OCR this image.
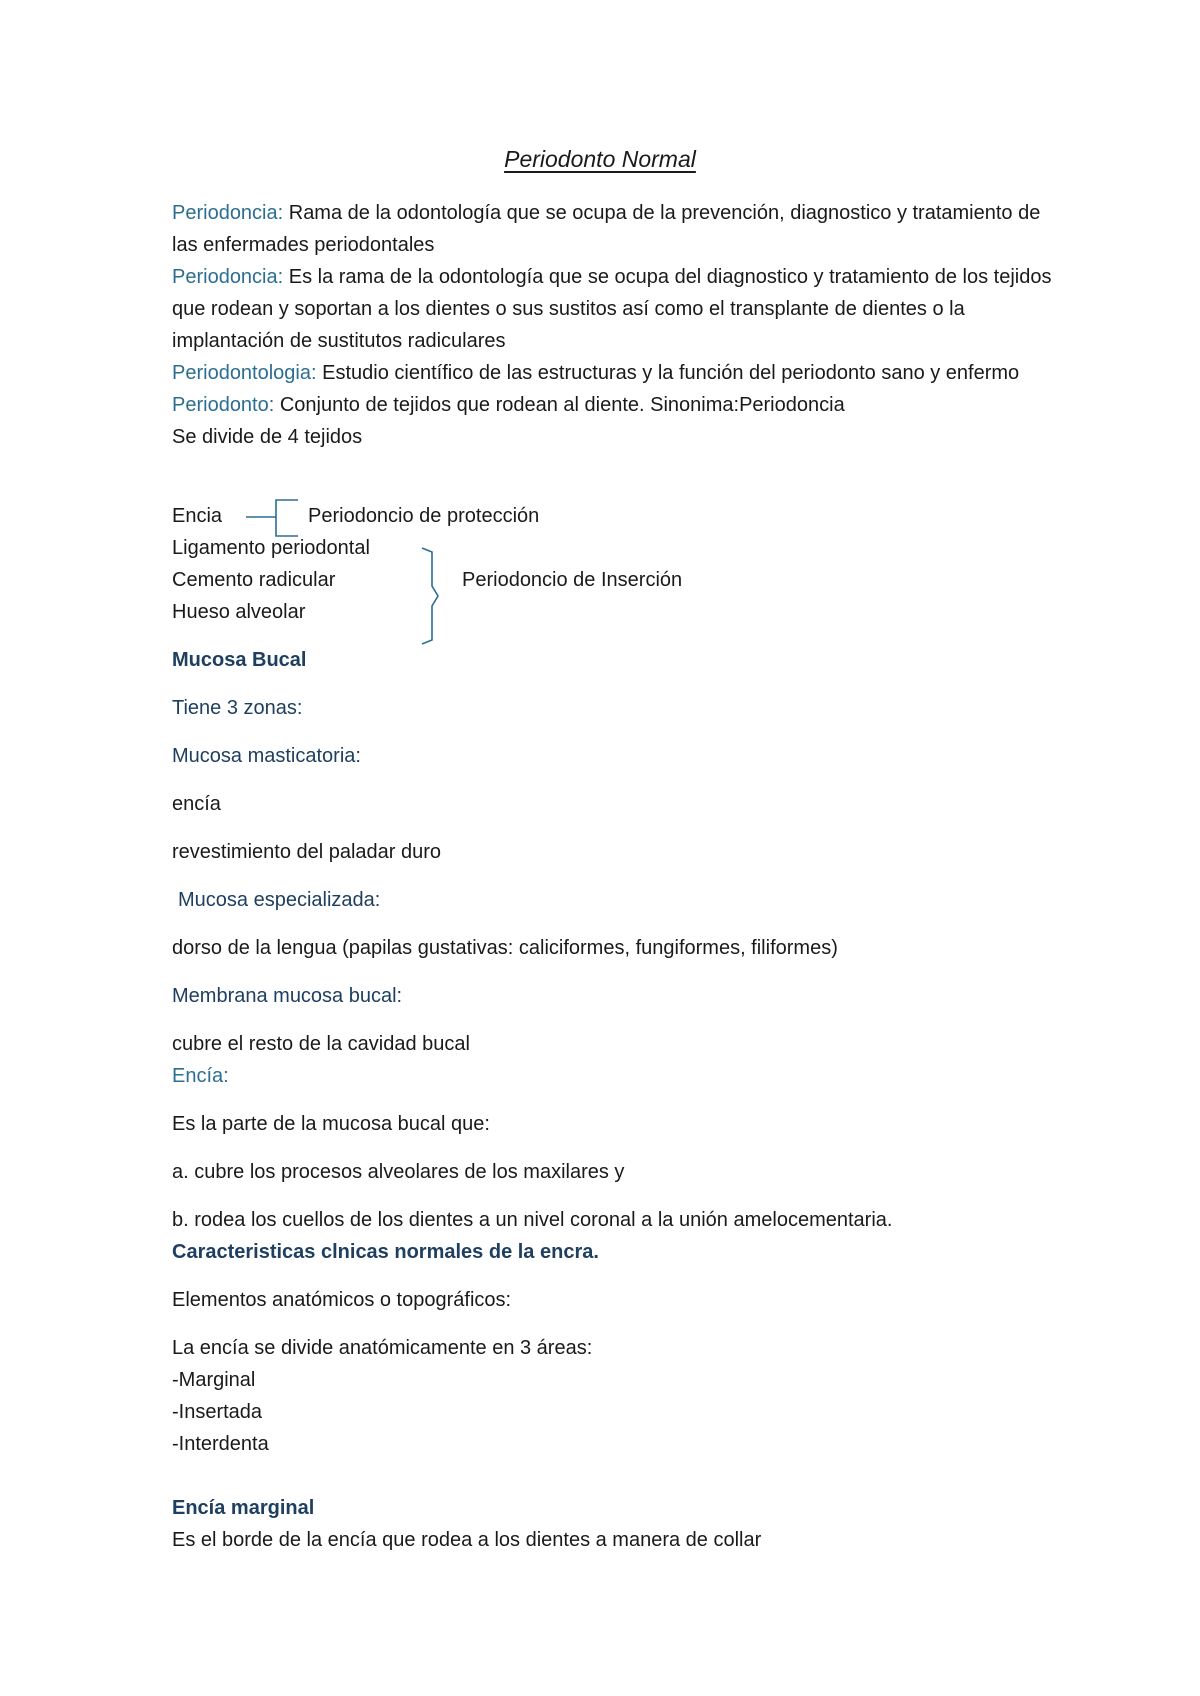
Periodonto Normal

Periodoncia: Rama de la odontología que se ocupa de la prevención, diagnostico y tratamiento de las enfermades periodontales

Periodoncia: Es la rama de la odontología que se ocupa del diagnostico y tratamiento de los tejidos que rodean y soportan a los dientes o sus sustitos así como el transplante de dientes o la implantación de sustitutos radiculares

Periodontologia: Estudio científico de las estructuras y la función del periodonto sano y enfermo

Periodonto: Conjunto de tejidos que rodean al diente. Sinonima:Periodoncia

Se divide de 4 tejidos

Encia
Ligamento periodontal
Cemento radicular
Hueso alveolar
Periodoncio de protección
Periodoncio de Inserción
Mucosa Bucal
Tiene 3 zonas:
Mucosa masticatoria:
encía
revestimiento del paladar duro
Mucosa especializada:
dorso de la lengua (papilas gustativas: caliciformes, fungiformes, filiformes)
Membrana mucosa bucal:
cubre el resto de la cavidad bucal
Encía:
Es la parte de la mucosa bucal que:
a. cubre los procesos alveolares de los maxilares y
b. rodea los cuellos de los dientes a un nivel coronal a la unión amelocementaria.
Caracteristicas clnicas normales de la encra.
Elementos anatómicos o topográficos:
La encía se divide anatómicamente en 3 áreas:
-Marginal
-Insertada
-Interdenta
Encía marginal
Es el borde de la encía que rodea a los dientes a manera de collar
